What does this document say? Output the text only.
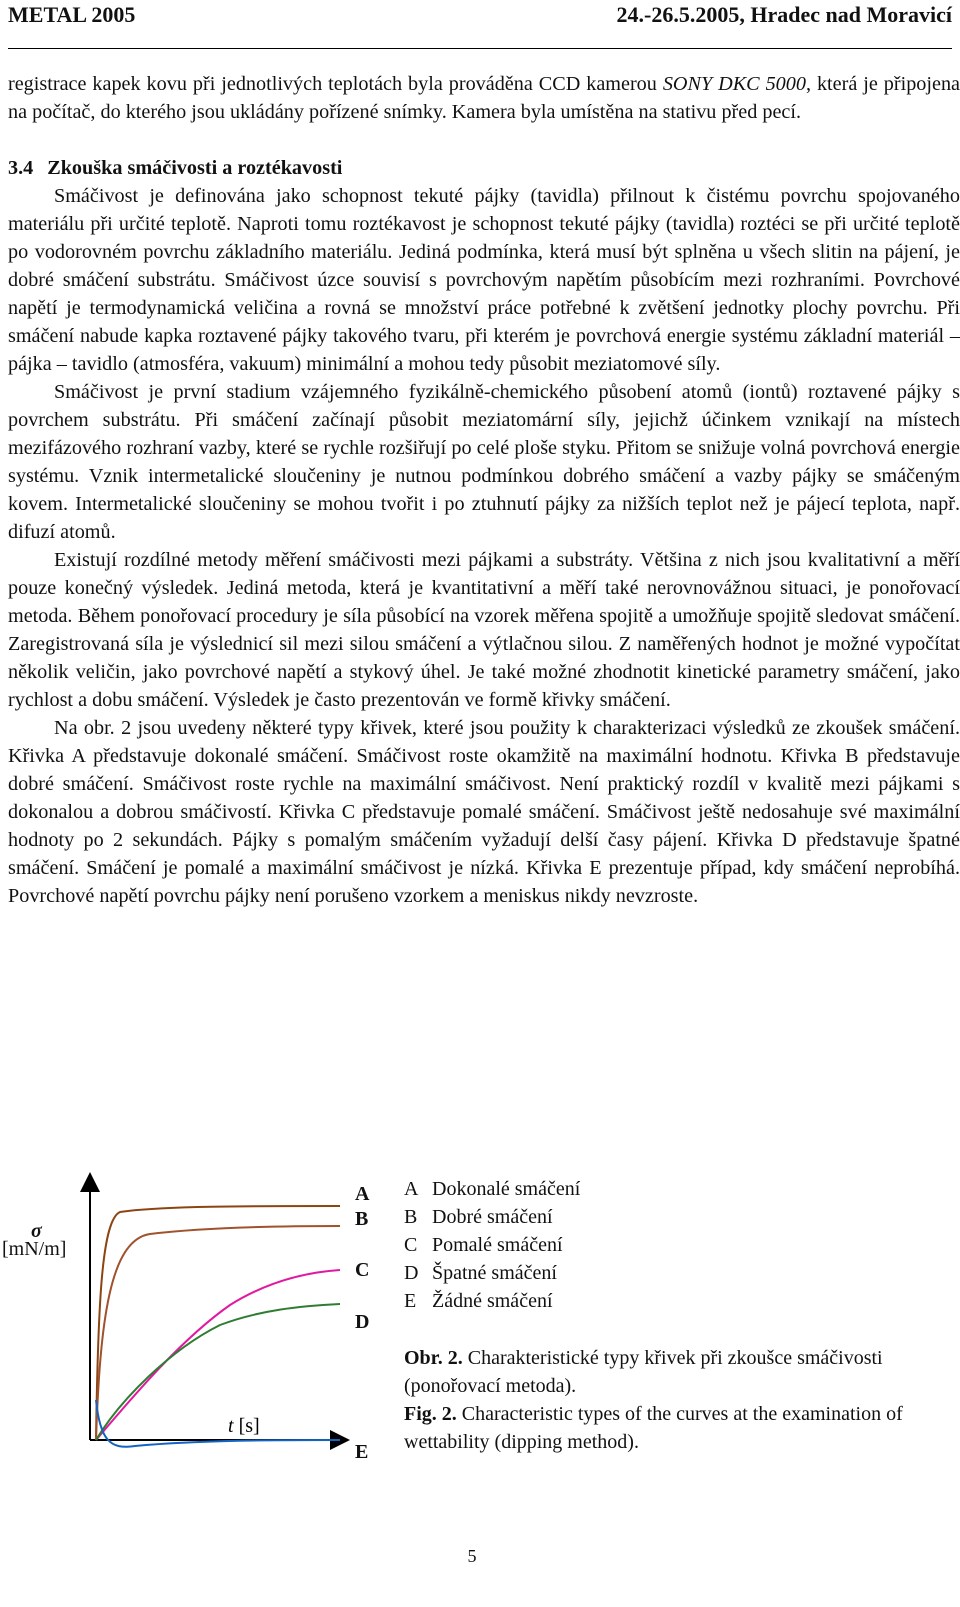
METAL 2005	24.-26.5.2005, Hradec nad Moravicí

registrace kapek kovu při jednotlivých teplotách byla prováděna CCD kamerou SONY DKC 5000, která je připojena na počítač, do kterého jsou ukládány pořízené snímky. Kamera byla umístěna na stativu před pecí.

3.4 Zkouška smáčivosti a roztékavosti

Smáčivost je definována jako schopnost tekuté pájky (tavidla) přilnout k čistému povrchu spojovaného materiálu při určité teplotě. Naproti tomu roztékavost je schopnost tekuté pájky (tavidla) roztéci se při určité teplotě po vodorovném povrchu základního materiálu. Jediná podmínka, která musí být splněna u všech slitin na pájení, je dobré smáčení substrátu. Smáčivost úzce souvisí s povrchovým napětím působícím mezi rozhraními. Povrchové napětí je termodynamická veličina a rovná se množství práce potřebné k zvětšení jednotky plochy povrchu. Při smáčení nabude kapka roztavené pájky takového tvaru, při kterém je povrchová energie systému základní materiál – pájka – tavidlo (atmosféra, vakuum) minimální a mohou tedy působit meziatomové síly.

Smáčivost je první stadium vzájemného fyzikálně-chemického působení atomů (iontů) roztavené pájky s povrchem substrátu. Při smáčení začínají působit meziatomární síly, jejichž účinkem vznikají na místech mezifázového rozhraní vazby, které se rychle rozšiřují po celé ploše styku. Přitom se snižuje volná povrchová energie systému. Vznik intermetalické sloučeniny je nutnou podmínkou dobrého smáčení a vazby pájky se smáčeným kovem. Intermetalické sloučeniny se mohou tvořit i po ztuhnutí pájky za nižších teplot než je pájecí teplota, např. difuzí atomů.

Existují rozdílné metody měření smáčivosti mezi pájkami a substráty. Většina z nich jsou kvalitativní a měří pouze konečný výsledek. Jediná metoda, která je kvantitativní a měří také nerovnovážnou situaci, je ponořovací metoda. Během ponořovací procedury je síla působící na vzorek měřena spojitě a umožňuje spojitě sledovat smáčení. Zaregistrovaná síla je výslednicí sil mezi silou smáčení a výtlačnou silou. Z naměřených hodnot je možné vypočítat několik veličin, jako povrchové napětí a stykový úhel. Je také možné zhodnotit kinetické parametry smáčení, jako rychlost a dobu smáčení. Výsledek je často prezentován ve formě křivky smáčení.

Na obr. 2 jsou uvedeny některé typy křivek, které jsou použity k charakterizaci výsledků ze zkoušek smáčení. Křivka A představuje dokonalé smáčení. Smáčivost roste okamžitě na maximální hodnotu. Křivka B představuje dobré smáčení. Smáčivost roste rychle na maximální smáčivost. Není praktický rozdíl v kvalitě mezi pájkami s dokonalou a dobrou smáčivostí. Křivka C představuje pomalé smáčení. Smáčivost ještě nedosahuje své maximální hodnoty po 2 sekundách. Pájky s pomalým smáčením vyžadují delší časy pájení. Křivka D představuje špatné smáčení. Smáčení je pomalé a maximální smáčivost je nízká. Křivka E prezentuje případ, kdy smáčení neprobíhá. Povrchové napětí povrchu pájky není porušeno vzorkem a meniskus nikdy nevzroste.

t [s]
σ
[mN/m]
A
B
C
D
E
A Dokonalé smáčení
B Dobré smáčení
C Pomalé smáčení
D Špatné smáčení
E Žádné smáčení
Obr. 2. Charakteristické typy křivek při zkoušce smáčivosti (ponořovací metoda).
Fig. 2. Characteristic types of the curves at the examination of wettability (dipping method).
5
